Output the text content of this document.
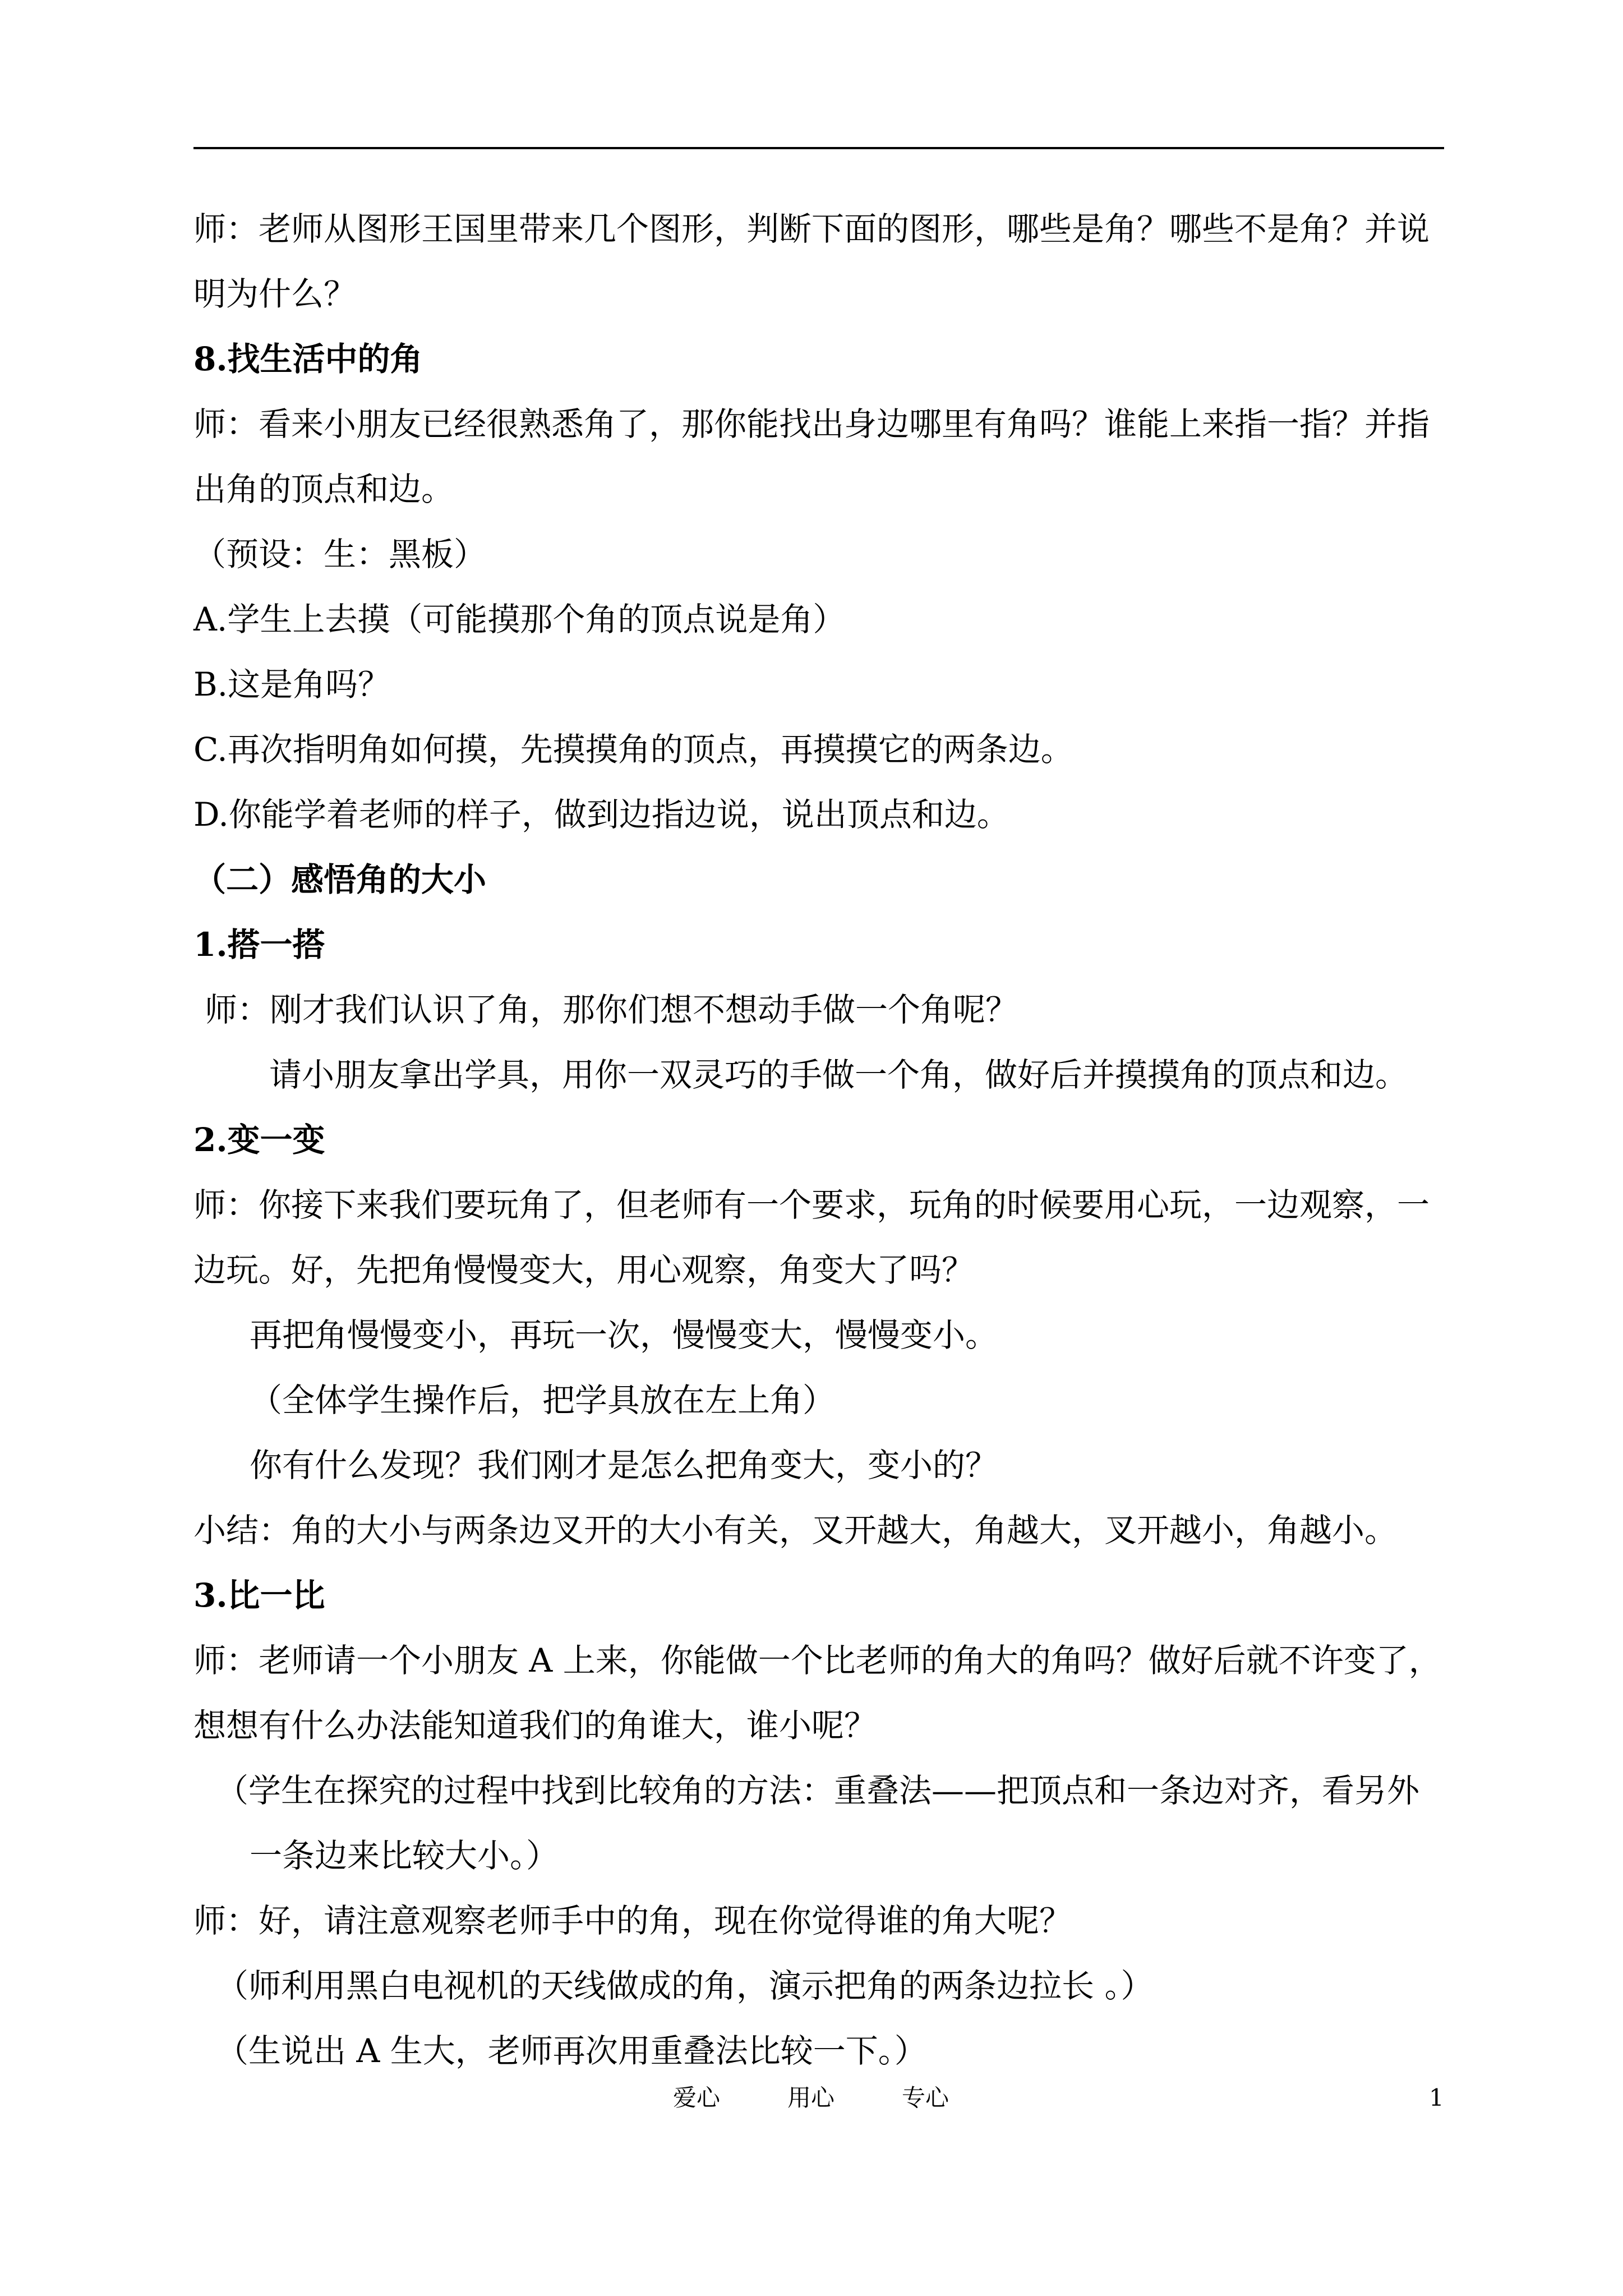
师：老师从图形王国里带来几个图形，判断下面的图形，哪些是角？哪些不是角？并说
明为什么？
8.找生活中的角
师：看来小朋友已经很熟悉角了，那你能找出身边哪里有角吗？谁能上来指一指？并指
出角的顶点和边。
（预设：生：黑板）
A.学生上去摸（可能摸那个角的顶点说是角）
B.这是角吗？
C.再次指明角如何摸，先摸摸角的顶点，再摸摸它的两条边。
D.你能学着老师的样子，做到边指边说，说出顶点和边。
（二）感悟角的大小
1.搭一搭
师：刚才我们认识了角，那你们想不想动手做一个角呢？
请小朋友拿出学具，用你一双灵巧的手做一个角，做好后并摸摸角的顶点和边。
2.变一变
师：你接下来我们要玩角了，但老师有一个要求，玩角的时候要用心玩，一边观察，一
边玩。好，先把角慢慢变大，用心观察，角变大了吗？
再把角慢慢变小，再玩一次，慢慢变大，慢慢变小。
（全体学生操作后，把学具放在左上角）
你有什么发现？我们刚才是怎么把角变大，变小的？
小结：角的大小与两条边叉开的大小有关，叉开越大，角越大，叉开越小，角越小。
3.比一比
师：老师请一个小朋友 A 上来，你能做一个比老师的角大的角吗？做好后就不许变了，
想想有什么办法能知道我们的角谁大，谁小呢？
（学生在探究的过程中找到比较角的方法：重叠法——把顶点和一条边对齐，看另外
一条边来比较大小。）
师：好，请注意观察老师手中的角，现在你觉得谁的角大呢？
（师利用黑白电视机的天线做成的角，演示把角的两条边拉长 。）
（生说出 A 生大，老师再次用重叠法比较一下。）
爱心	用心	专心	1
